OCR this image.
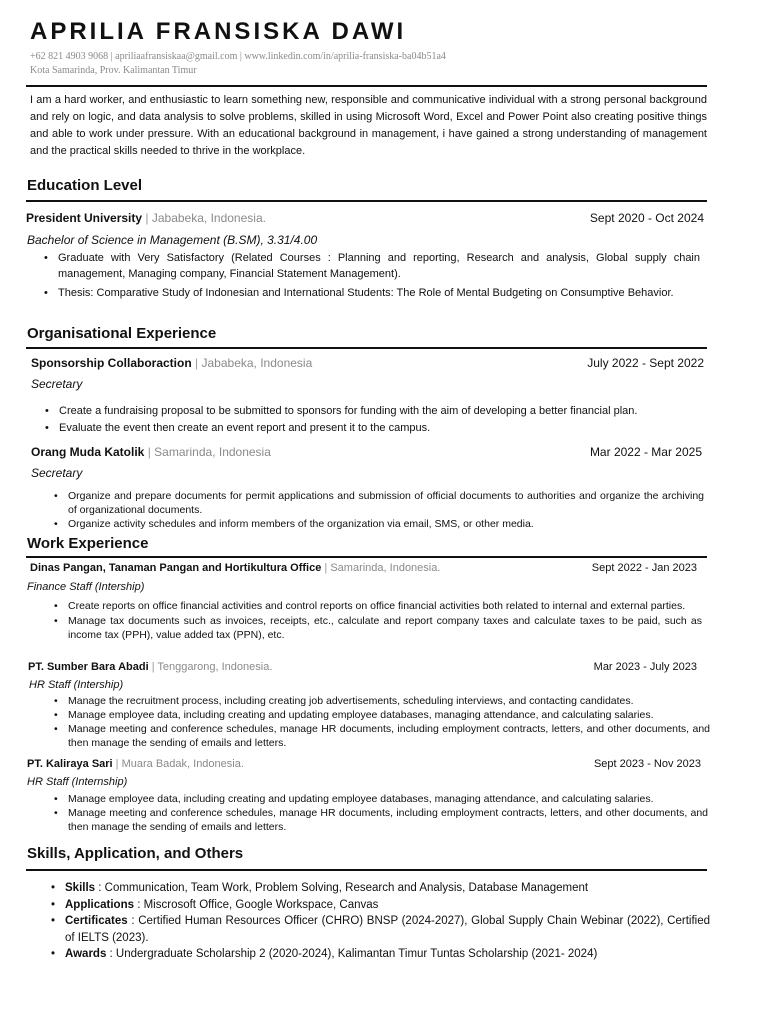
APRILIA FRANSISKA DAWI
+62 821 4903 9068 | apriliaafransiskaa@gmail.com | www.linkedin.com/in/aprilia-fransiska-ba04b51a4
Kota Samarinda, Prov. Kalimantan Timur
I am a hard worker, and enthusiastic to learn something new, responsible and communicative individual with a strong personal background and rely on logic, and data analysis to solve problems, skilled in using Microsoft Word, Excel and Power Point also creating positive things and able to work under pressure. With an educational background in management, i have gained a strong understanding of management and the practical skills needed to thrive in the workplace.
Education Level
President University | Jababeka, Indonesia.	Sept 2020 - Oct 2024
Bachelor of Science in Management (B.SM), 3.31/4.00
• Graduate with Very Satisfactory (Related Courses : Planning and reporting, Research and analysis, Global supply chain management, Managing company, Financial Statement Management).
• Thesis: Comparative Study of Indonesian and International Students: The Role of Mental Budgeting on Consumptive Behavior.
Organisational Experience
Sponsorship Collaboraction | Jababeka, Indonesia	July 2022 - Sept 2022
Secretary
• Create a fundraising proposal to be submitted to sponsors for funding with the aim of developing a better financial plan.
• Evaluate the event then create an event report and present it to the campus.
Orang Muda Katolik | Samarinda, Indonesia	Mar 2022 - Mar 2025
Secretary
• Organize and prepare documents for permit applications and submission of official documents to authorities and organize the archiving of organizational documents.
• Organize activity schedules and inform members of the organization via email, SMS, or other media.
Work Experience
Dinas Pangan, Tanaman Pangan and Hortikultura Office | Samarinda, Indonesia.	Sept 2022 - Jan 2023
Finance Staff (Intership)
• Create reports on office financial activities and control reports on office financial activities both related to internal and external parties.
• Manage tax documents such as invoices, receipts, etc., calculate and report company taxes and calculate taxes to be paid, such as income tax (PPH), value added tax (PPN), etc.
PT. Sumber Bara Abadi | Tenggarong, Indonesia.	Mar 2023 - July 2023
HR Staff (Intership)
• Manage the recruitment process, including creating job advertisements, scheduling interviews, and contacting candidates.
• Manage employee data, including creating and updating employee databases, managing attendance, and calculating salaries.
• Manage meeting and conference schedules, manage HR documents, including employment contracts, letters, and other documents, and then manage the sending of emails and letters.
PT. Kaliraya Sari | Muara Badak, Indonesia.	Sept 2023 - Nov 2023
HR Staff (Internship)
• Manage employee data, including creating and updating employee databases, managing attendance, and calculating salaries.
• Manage meeting and conference schedules, manage HR documents, including employment contracts, letters, and other documents, and then manage the sending of emails and letters.
Skills, Application, and Others
• Skills : Communication, Team Work, Problem Solving, Research and Analysis, Database Management
• Applications : Miscrosoft Office, Google Workspace, Canvas
• Certificates : Certified Human Resources Officer (CHRO) BNSP (2024-2027), Global Supply Chain Webinar (2022), Certified of IELTS (2023).
• Awards : Undergraduate Scholarship 2 (2020-2024), Kalimantan Timur Tuntas Scholarship (2021- 2024)
